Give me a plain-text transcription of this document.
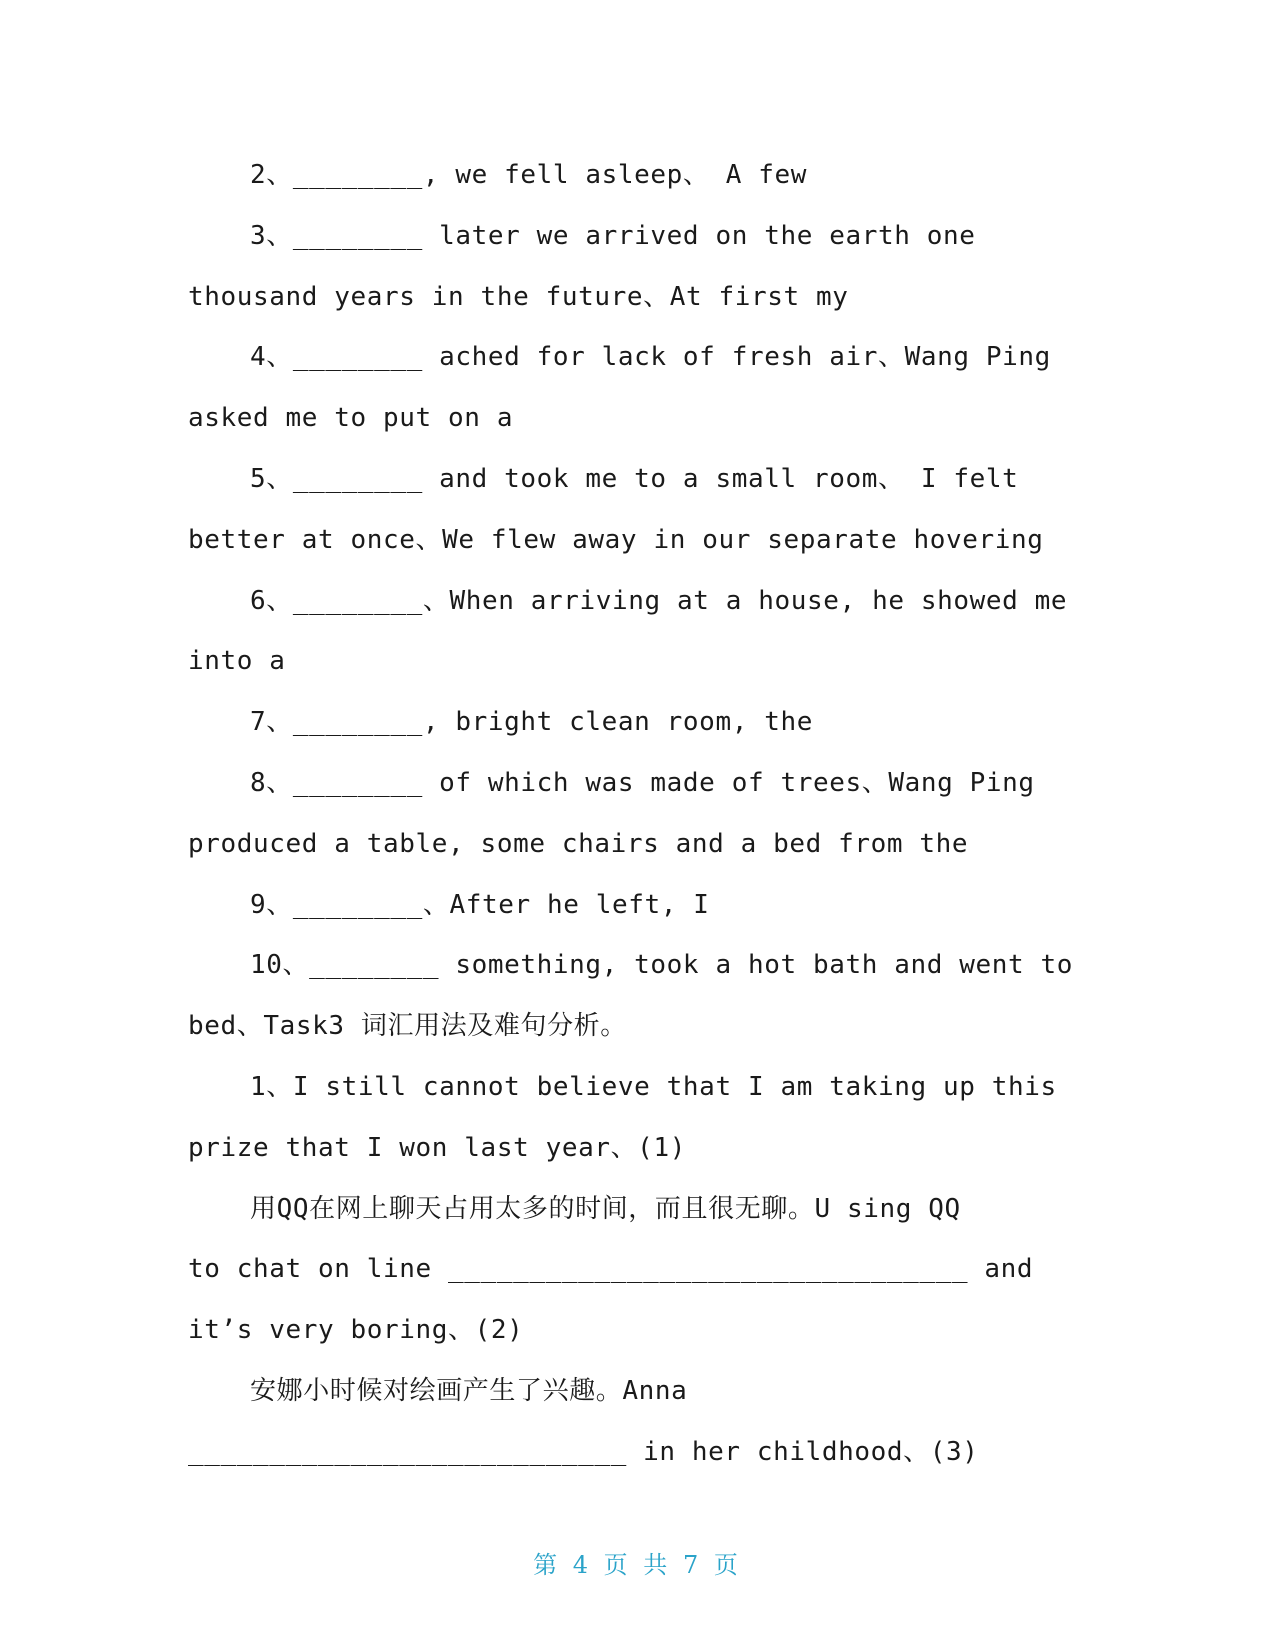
2、________, we fell asleep、 A few
3、________ later we arrived on the earth one
thousand years in the future、At first my
4、________ ached for lack of fresh air、Wang Ping
asked me to put on a
5、________ and took me to a small room、 I felt
better at once、We flew away in our separate hovering
6、________、When arriving at a house, he showed me
into a
7、________, bright clean room, the
8、________ of which was made of trees、Wang Ping
produced a table, some chairs and a bed from the
9、________、After he left, I
10、________ something, took a hot bath and went to
bed、Task3 词汇用法及难句分析。
1、I still cannot believe that I am taking up this
prize that I won last year、(1)
用QQ在网上聊天占用太多的时间，而且很无聊。U sing QQ
to chat on line ________________________________ and
it’s very boring、(2)
安娜小时候对绘画产生了兴趣。Anna
___________________________ in her childhood、(3)
第 4 页 共 7 页
